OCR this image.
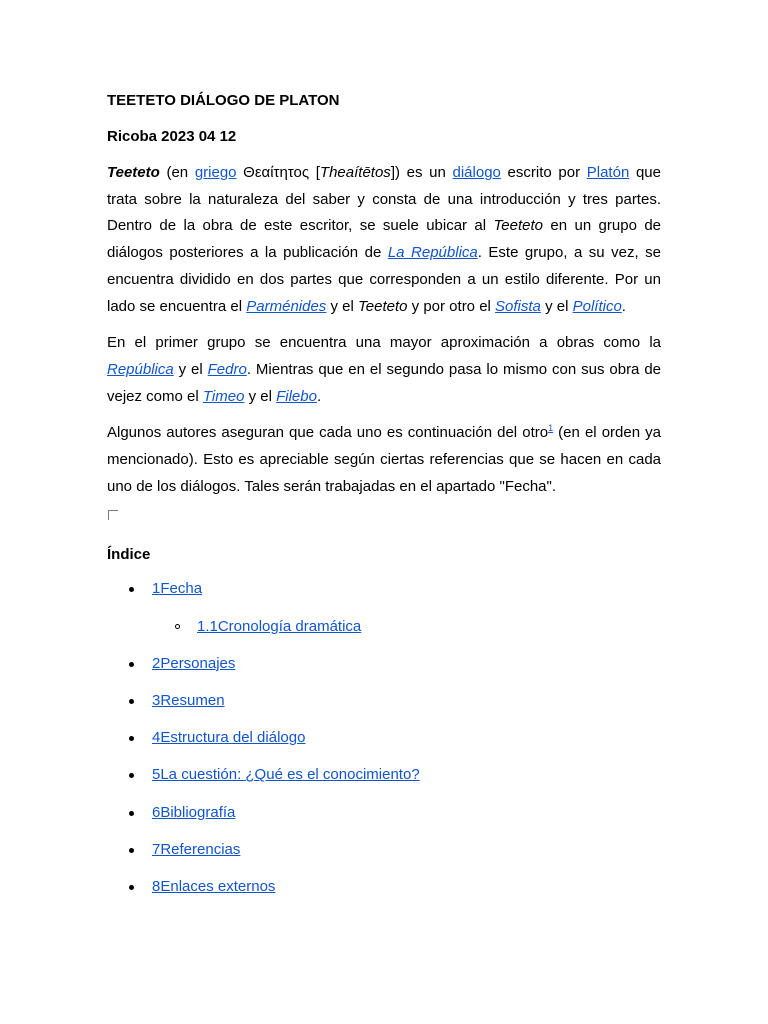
TEETETO DIÁLOGO DE PLATON
Ricoba 2023 04 12

Teeteto (en griego Θεαίτητος [Theaítētos]) es un diálogo escrito por Platón que trata sobre la naturaleza del saber y consta de una introducción y tres partes. Dentro de la obra de este escritor, se suele ubicar al Teeteto en un grupo de diálogos posteriores a la publicación de La República. Este grupo, a su vez, se encuentra dividido en dos partes que corresponden a un estilo diferente. Por un lado se encuentra el Parménides y el Teeteto y por otro el Sofista y el Político.

En el primer grupo se encuentra una mayor aproximación a obras como la República y el Fedro. Mientras que en el segundo pasa lo mismo con sus obra de vejez como el Timeo y el Filebo.

Algunos autores aseguran que cada uno es continuación del otro$^1$ (en el orden ya mencionado). Esto es apreciable según ciertas referencias que se hacen en cada uno de los diálogos. Tales serán trabajadas en el apartado "Fecha".

Índice
1Fecha
1.1Cronología dramática
2Personajes
3Resumen
4Estructura del diálogo
5La cuestión: ¿Qué es el conocimiento?
6Bibliografía
7Referencias
8Enlaces externos
